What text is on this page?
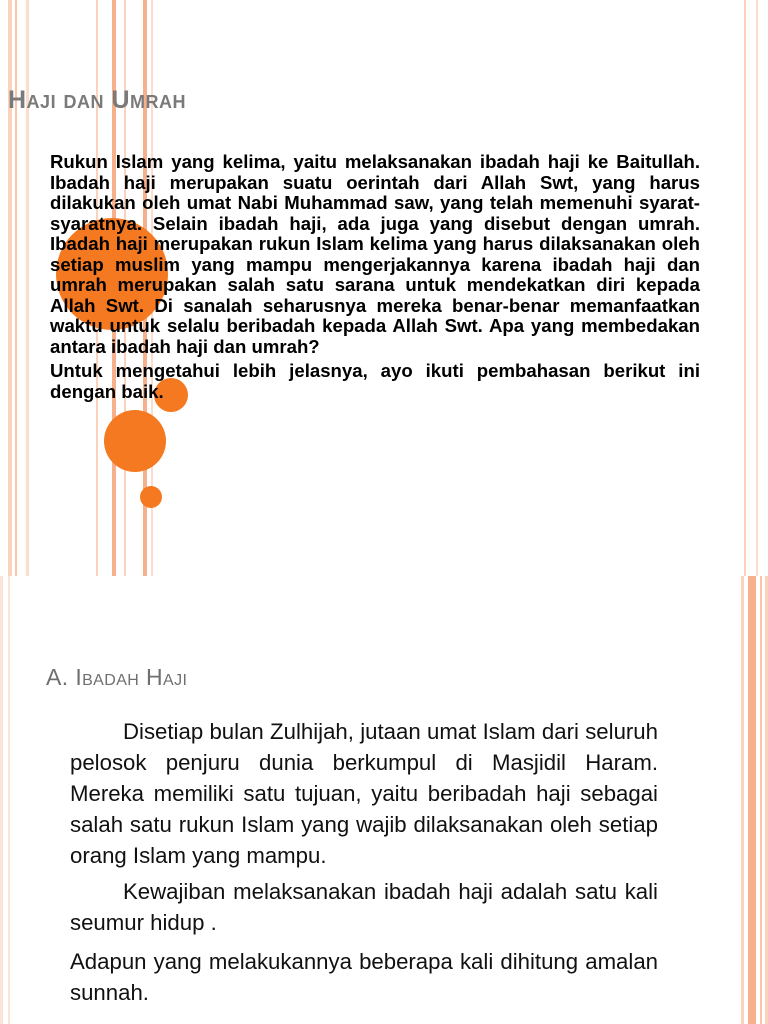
Haji dan Umrah

Rukun Islam yang kelima, yaitu melaksanakan ibadah haji ke Baitullah. Ibadah haji merupakan suatu oerintah dari Allah Swt, yang harus dilakukan oleh umat Nabi Muhammad saw, yang telah memenuhi syarat-syaratnya. Selain ibadah haji, ada juga yang disebut dengan umrah. Ibadah haji merupakan rukun Islam kelima yang harus dilaksanakan oleh setiap muslim yang mampu mengerjakannya karena ibadah haji dan umrah merupakan salah satu sarana untuk mendekatkan diri kepada Allah Swt. Di sanalah seharusnya mereka benar-benar memanfaatkan waktu untuk selalu beribadah kepada Allah Swt. Apa yang membedakan antara ibadah haji dan umrah?

Untuk mengetahui lebih jelasnya, ayo ikuti pembahasan berikut ini dengan baik.

A. Ibadah Haji

Disetiap bulan Zulhijah, jutaan umat Islam dari seluruh pelosok penjuru dunia berkumpul di Masjidil Haram. Mereka memiliki satu tujuan, yaitu beribadah haji sebagai salah satu rukun Islam yang wajib dilaksanakan oleh setiap orang Islam yang mampu.

Kewajiban melaksanakan ibadah haji adalah satu kali seumur hidup .

Adapun yang melakukannya beberapa kali dihitung amalan sunnah.
